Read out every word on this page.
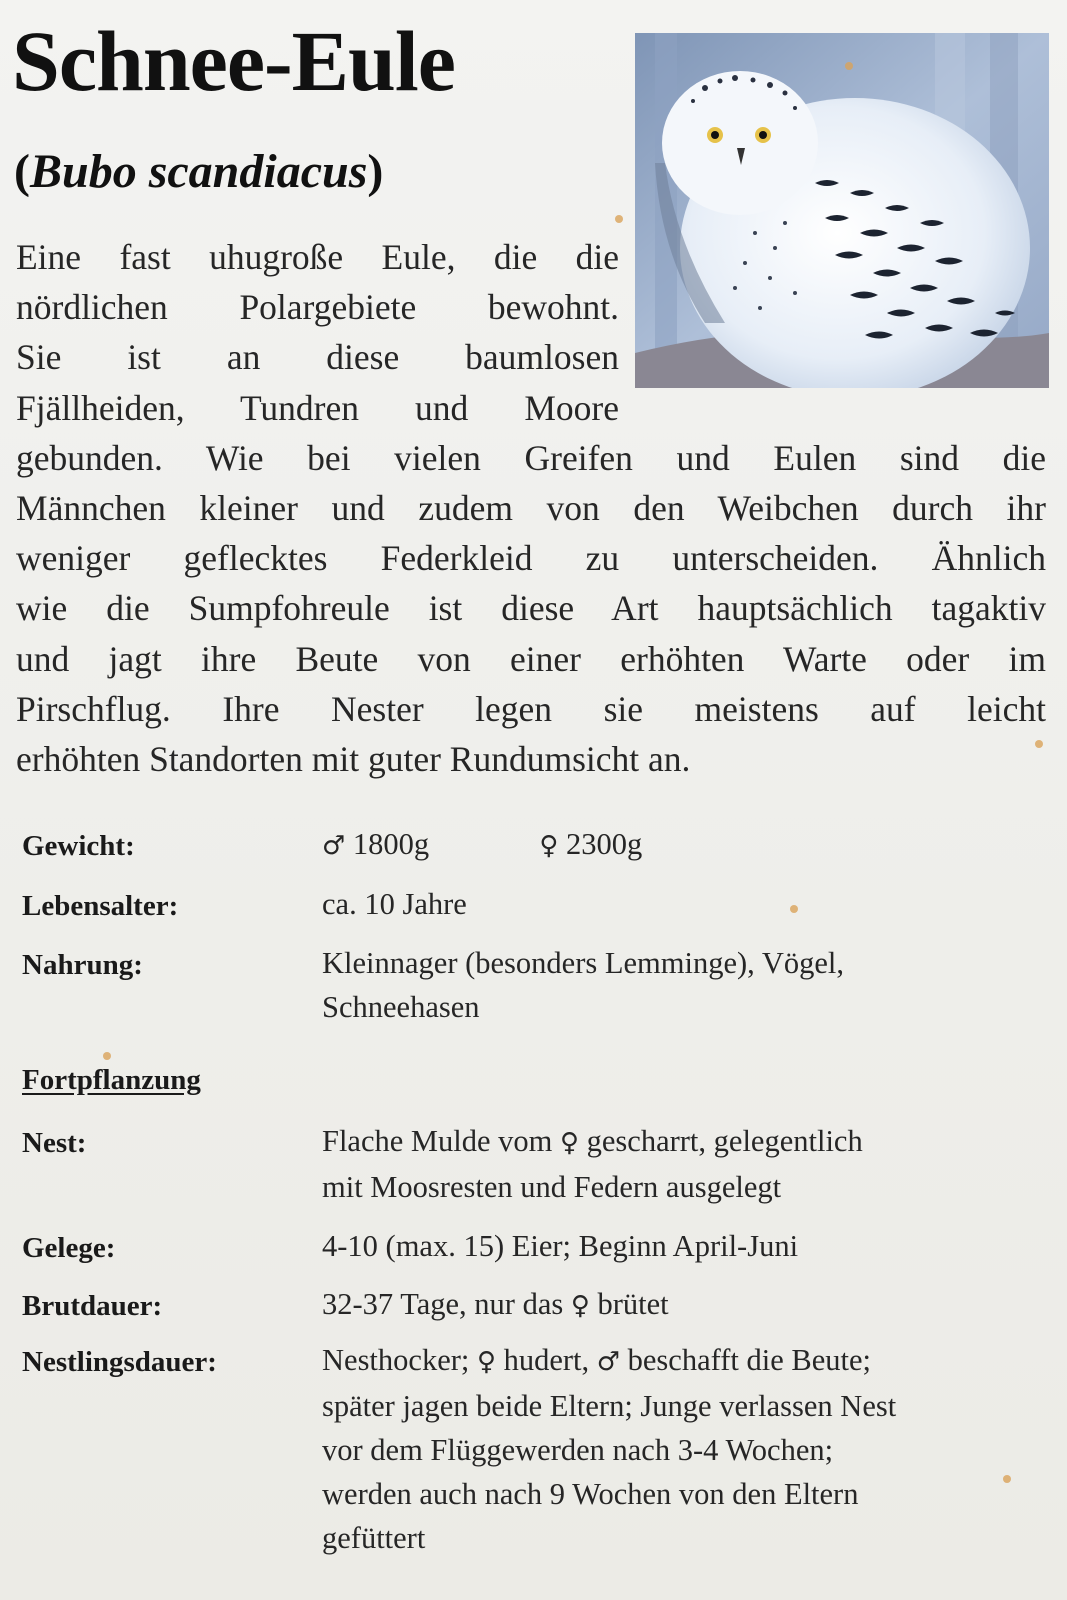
Schnee-Eule
(Bubo scandiacus)
Eine fast uhugroße Eule, die die
nördlichen Polargebiete bewohnt.
Sie ist an diese baumlosen
Fjällheiden, Tundren und Moore
gebunden. Wie bei vielen Greifen und Eulen sind die
Männchen kleiner und zudem von den Weibchen durch ihr
weniger geflecktes Federkleid zu unterscheiden. Ähnlich
wie die Sumpfohreule ist diese Art hauptsächlich tagaktiv
und jagt ihre Beute von einer erhöhten Warte oder im
Pirschflug. Ihre Nester legen sie meistens auf leicht
erhöhten Standorten mit guter Rundumsicht an.
Gewicht:	♂ 1800g	♀ 2300g
Lebensalter:	ca. 10 Jahre
Nahrung:	Kleinnager (besonders Lemminge), Vögel,
Schneehasen
Fortpflanzung
Nest:	Flache Mulde vom ♀ gescharrt, gelegentlich
mit Moosresten und Federn ausgelegt
Gelege:	4-10 (max. 15) Eier; Beginn April-Juni
Brutdauer:	32-37 Tage, nur das ♀ brütet
Nestlingsdauer:	Nesthocker; ♀ hudert, ♂ beschafft die Beute;
später jagen beide Eltern; Junge verlassen Nest
vor dem Flüggewerden nach 3-4 Wochen;
werden auch nach 9 Wochen von den Eltern
gefüttert
